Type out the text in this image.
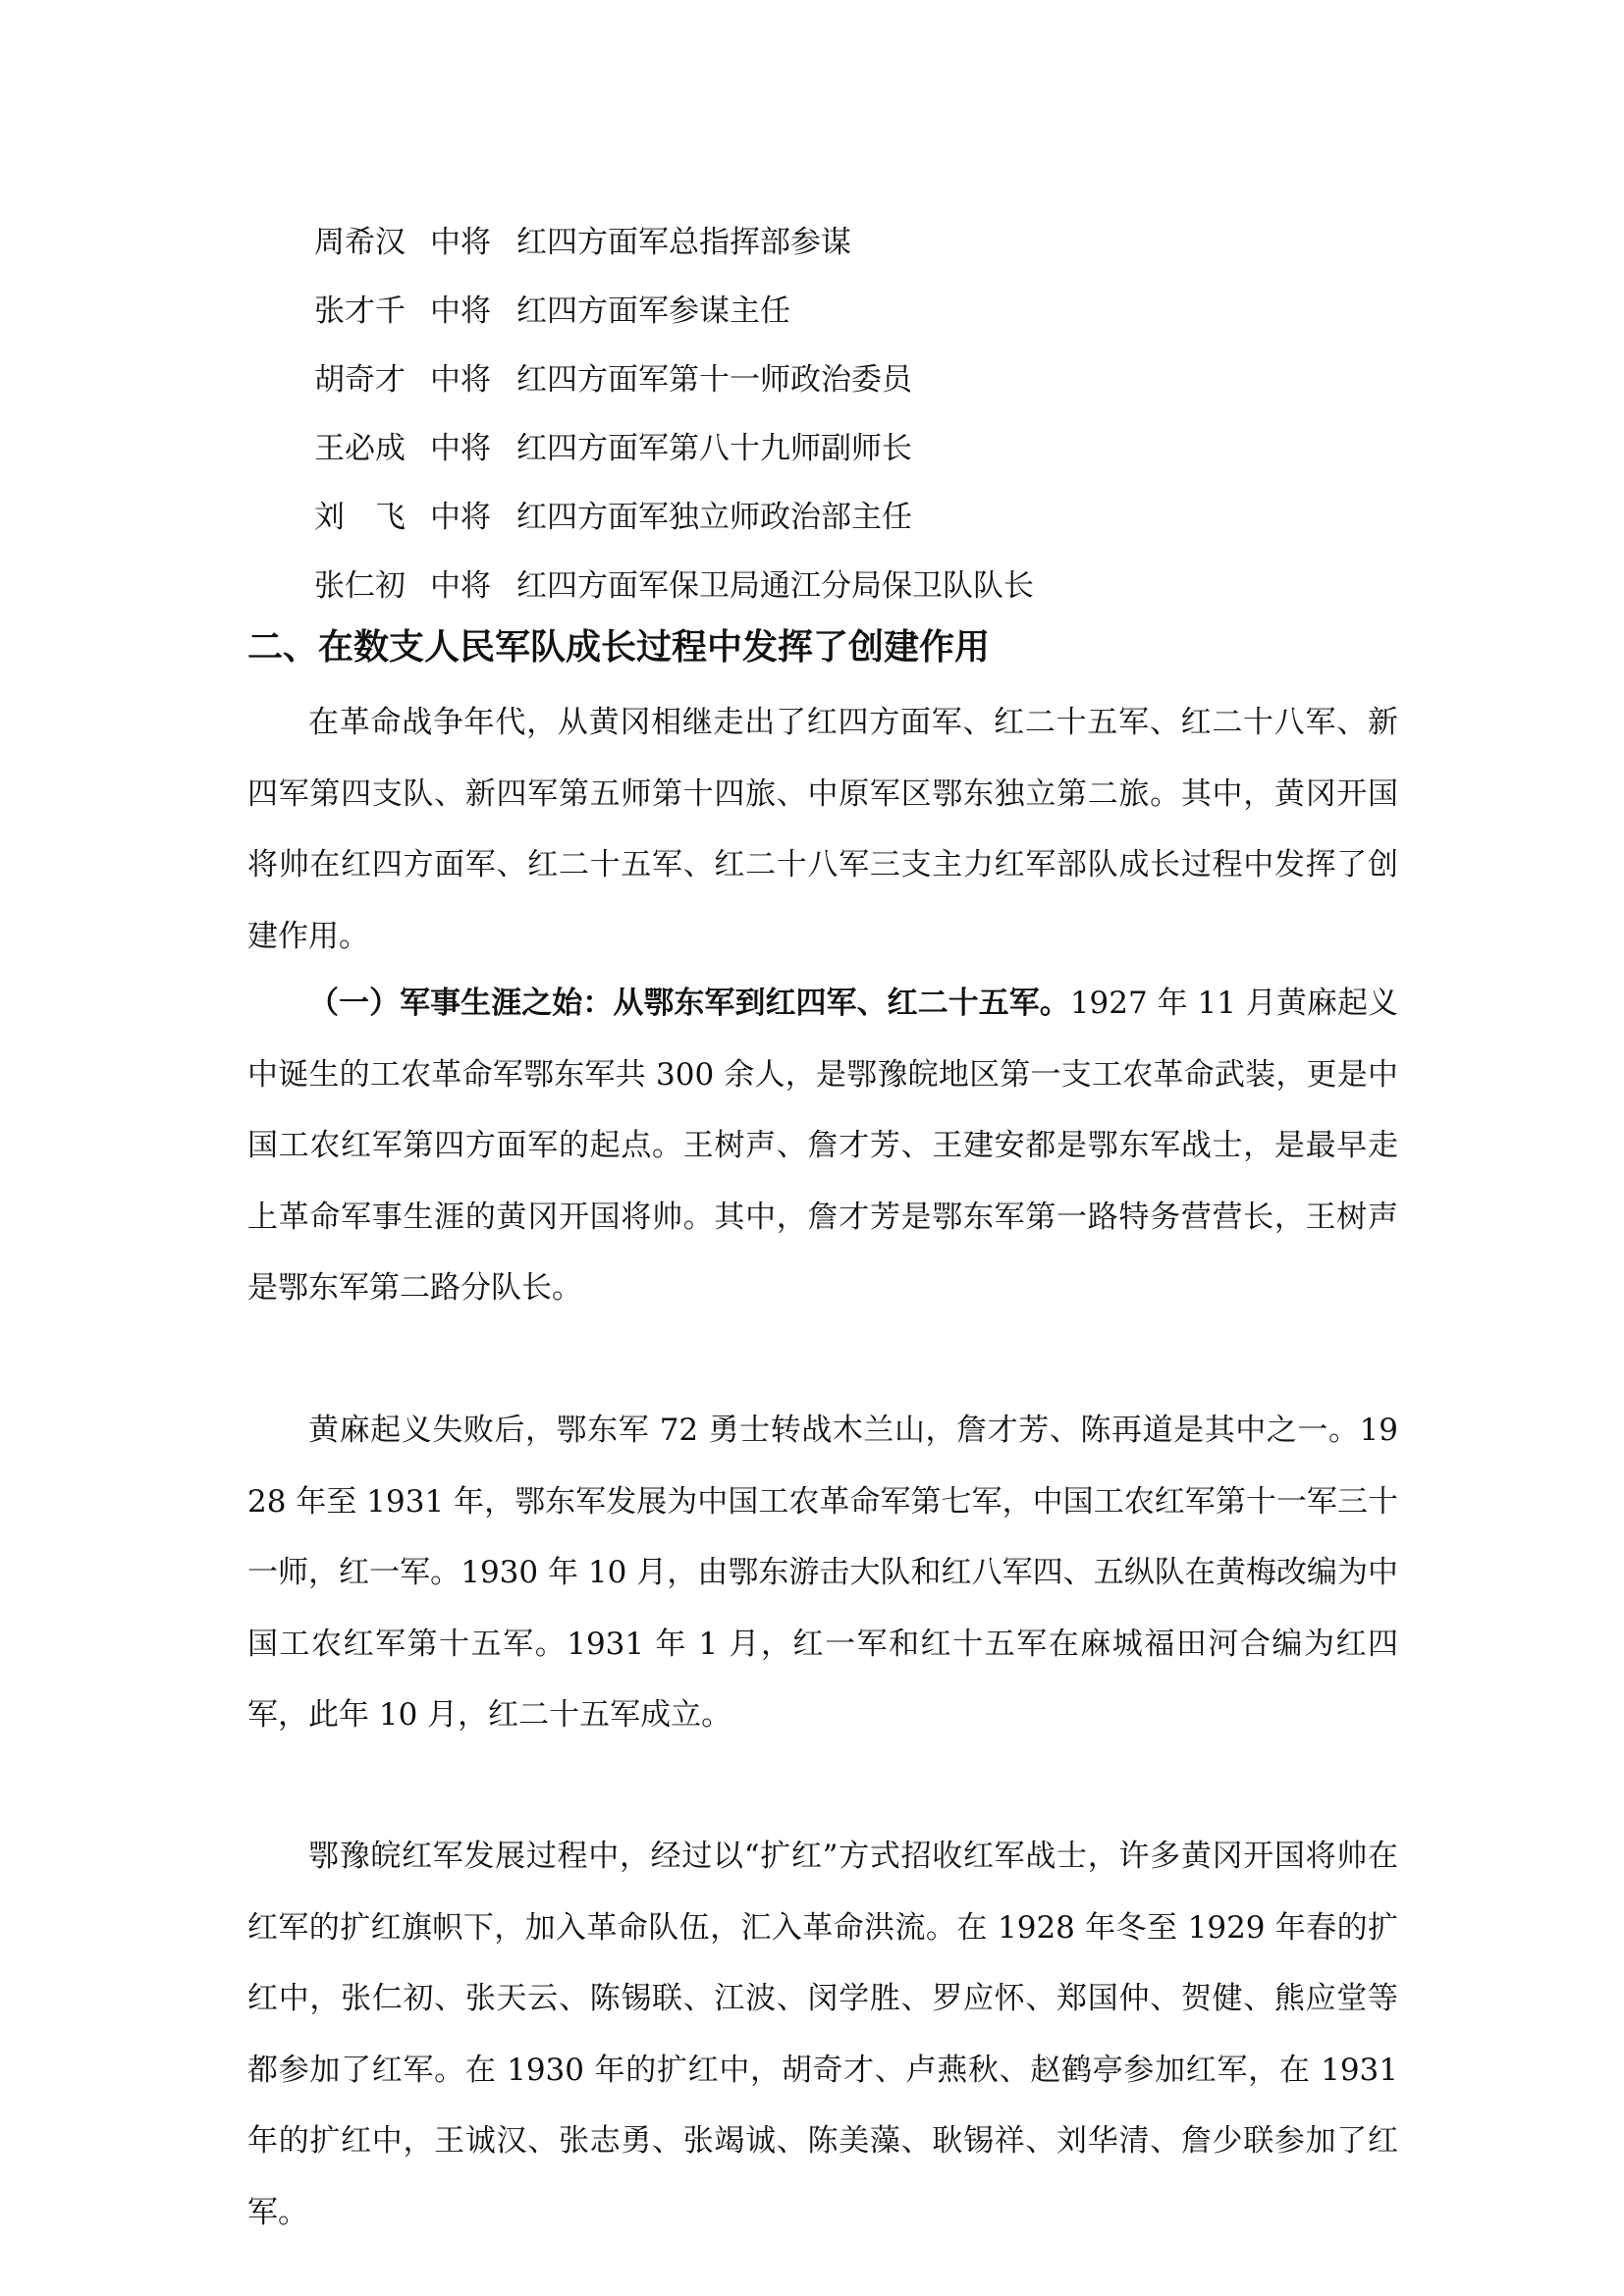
周希汉 中将 红四方面军总指挥部参谋
张才千 中将 红四方面军参谋主任
胡奇才 中将 红四方面军第十一师政治委员
王必成 中将 红四方面军第八十九师副师长
刘　飞 中将 红四方面军独立师政治部主任
张仁初 中将 红四方面军保卫局通江分局保卫队队长
二、在数支人民军队成长过程中发挥了创建作用

在革命战争年代，从黄冈相继走出了红四方面军、红二十五军、红二十八军、新四军第四支队、新四军第五师第十四旅、中原军区鄂东独立第二旅。其中，黄冈开国将帅在红四方面军、红二十五军、红二十八军三支主力红军部队成长过程中发挥了创建作用。

（一）军事生涯之始：从鄂东军到红四军、红二十五军。1927 年 11 月黄麻起义中诞生的工农革命军鄂东军共 300 余人，是鄂豫皖地区第一支工农革命武装，更是中国工农红军第四方面军的起点。王树声、詹才芳、王建安都是鄂东军战士，是最早走上革命军事生涯的黄冈开国将帅。其中，詹才芳是鄂东军第一路特务营营长，王树声是鄂东军第二路分队长。

黄麻起义失败后，鄂东军 72 勇士转战木兰山，詹才芳、陈再道是其中之一。1928 年至 1931 年，鄂东军发展为中国工农革命军第七军，中国工农红军第十一军三十一师，红一军。1930 年 10 月，由鄂东游击大队和红八军四、五纵队在黄梅改编为中国工农红军第十五军。1931 年 1 月，红一军和红十五军在麻城福田河合编为红四军，此年 10 月，红二十五军成立。

鄂豫皖红军发展过程中，经过以“扩红”方式招收红军战士，许多黄冈开国将帅在红军的扩红旗帜下，加入革命队伍，汇入革命洪流。在 1928 年冬至 1929 年春的扩红中，张仁初、张天云、陈锡联、江波、闵学胜、罗应怀、郑国仲、贺健、熊应堂等都参加了红军。在 1930 年的扩红中，胡奇才、卢燕秋、赵鹤亭参加红军，在 1931 年的扩红中，王诚汉、张志勇、张竭诚、陈美藻、耿锡祥、刘华清、詹少联参加了红军。
